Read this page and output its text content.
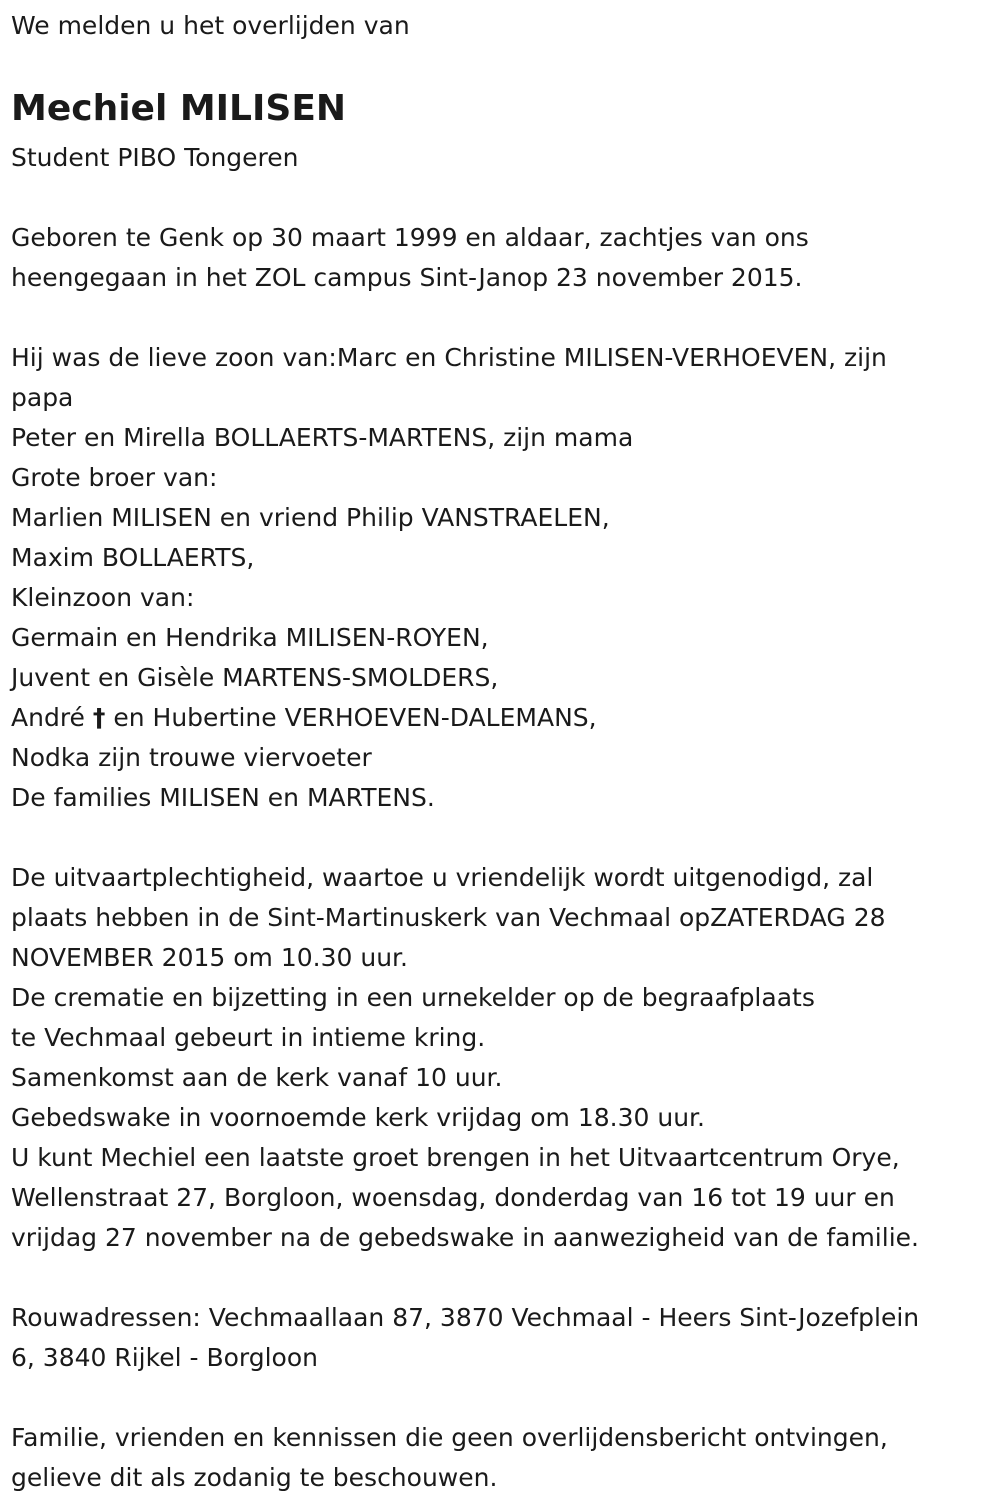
We melden u het overlijden van

Mechiel MILISEN

Student PIBO Tongeren

Geboren te Genk op 30 maart 1999 en aldaar, zachtjes van ons

heengegaan in het ZOL campus Sint-Janop 23 november 2015.

Hij was de lieve zoon van:Marc en Christine MILISEN-VERHOEVEN, zijn

papa

Peter en Mirella BOLLAERTS-MARTENS, zijn mama

Grote broer van:

Marlien MILISEN en vriend Philip VANSTRAELEN,

Maxim BOLLAERTS,

Kleinzoon van:

Germain en Hendrika MILISEN-ROYEN,

Juvent en Gisèle MARTENS-SMOLDERS,

André † en Hubertine VERHOEVEN-DALEMANS,

Nodka zijn trouwe viervoeter

De families MILISEN en MARTENS.

De uitvaartplechtigheid, waartoe u vriendelijk wordt uitgenodigd, zal

plaats hebben in de Sint-Martinuskerk van Vechmaal opZATERDAG 28

NOVEMBER 2015 om 10.30 uur.

De crematie en bijzetting in een urnekelder op de begraafplaats

te Vechmaal gebeurt in intieme kring.

Samenkomst aan de kerk vanaf 10 uur.

Gebedswake in voornoemde kerk vrijdag om 18.30 uur.

U kunt Mechiel een laatste groet brengen in het Uitvaartcentrum Orye,

Wellenstraat 27, Borgloon, woensdag, donderdag van 16 tot 19 uur en

vrijdag 27 november na de gebedswake in aanwezigheid van de familie.

Rouwadressen: Vechmaallaan 87, 3870 Vechmaal - Heers Sint-Jozefplein

6, 3840 Rijkel - Borgloon

Familie, vrienden en kennissen die geen overlijdensbericht ontvingen,

gelieve dit als zodanig te beschouwen.
